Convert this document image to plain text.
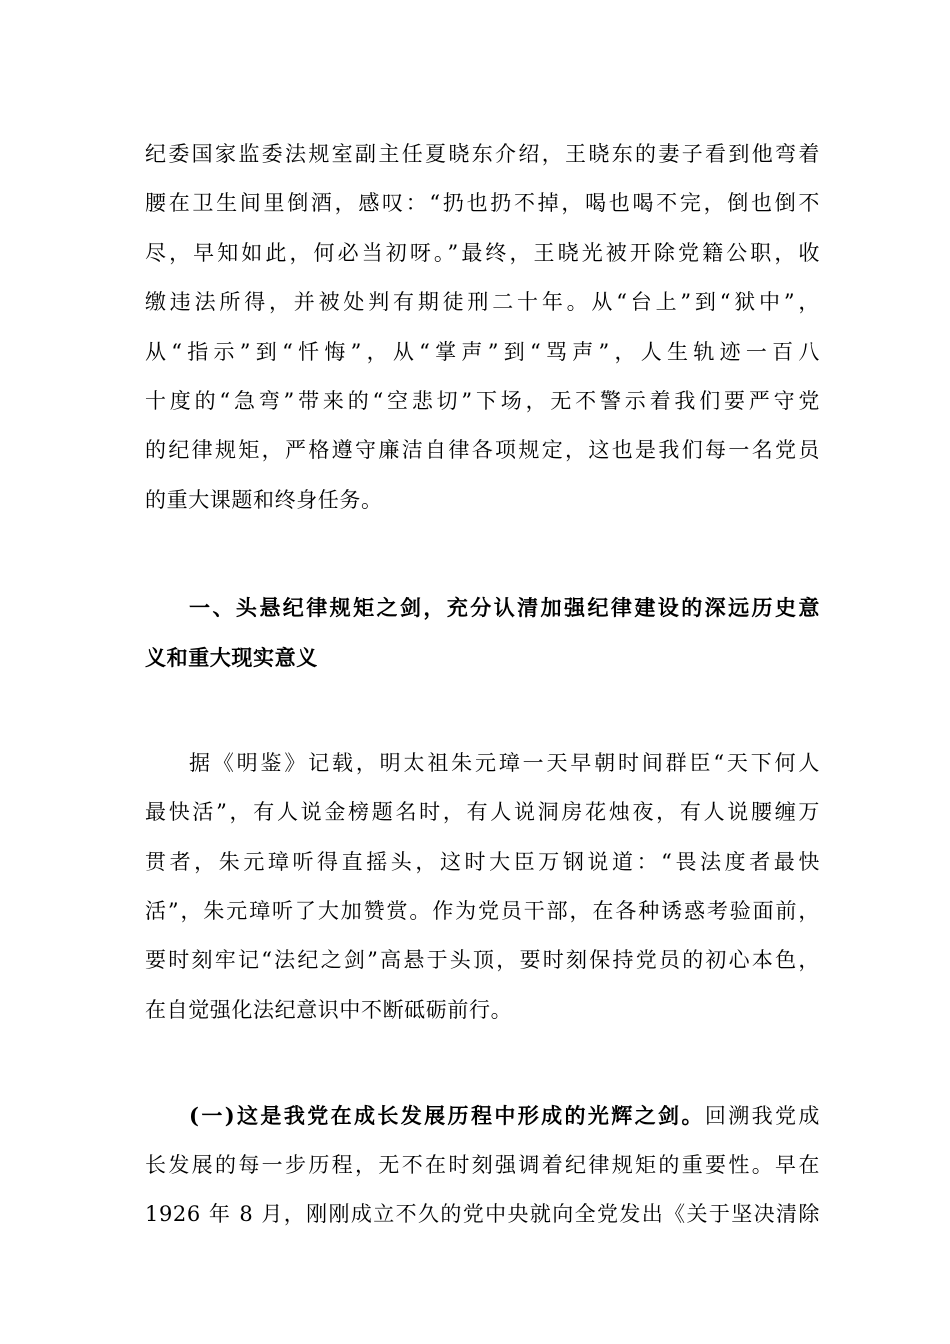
纪委国家监委法规室副主任夏晓东介绍，王晓东的妻子看到他弯着
腰在卫生间里倒酒，感叹：“扔也扔不掉，喝也喝不完，倒也倒不
尽，早知如此，何必当初呀。”最终，王晓光被开除党籍公职，收
缴违法所得，并被处判有期徒刑二十年。从“台上”到“狱中”，
从“指示”到“忏悔”，从“掌声”到“骂声”，人生轨迹一百八
十度的“急弯”带来的“空悲切”下场，无不警示着我们要严守党
的纪律规矩，严格遵守廉洁自律各项规定，这也是我们每一名党员
的重大课题和终身任务。
一、头悬纪律规矩之剑，充分认清加强纪律建设的深远历史意
义和重大现实意义
据《明鉴》记载，明太祖朱元璋一天早朝时间群臣“天下何人
最快活”，有人说金榜题名时，有人说洞房花烛夜，有人说腰缠万
贯者，朱元璋听得直摇头，这时大臣万钢说道：“畏法度者最快
活”，朱元璋听了大加赞赏。作为党员干部，在各种诱惑考验面前，
要时刻牢记“法纪之剑”高悬于头顶，要时刻保持党员的初心本色，
在自觉强化法纪意识中不断砥砺前行。
(一)这是我党在成长发展历程中形成的光辉之剑。回溯我党成
长发展的每一步历程，无不在时刻强调着纪律规矩的重要性。早在
1926 年 8 月，刚刚成立不久的党中央就向全党发出《关于坚决清除
